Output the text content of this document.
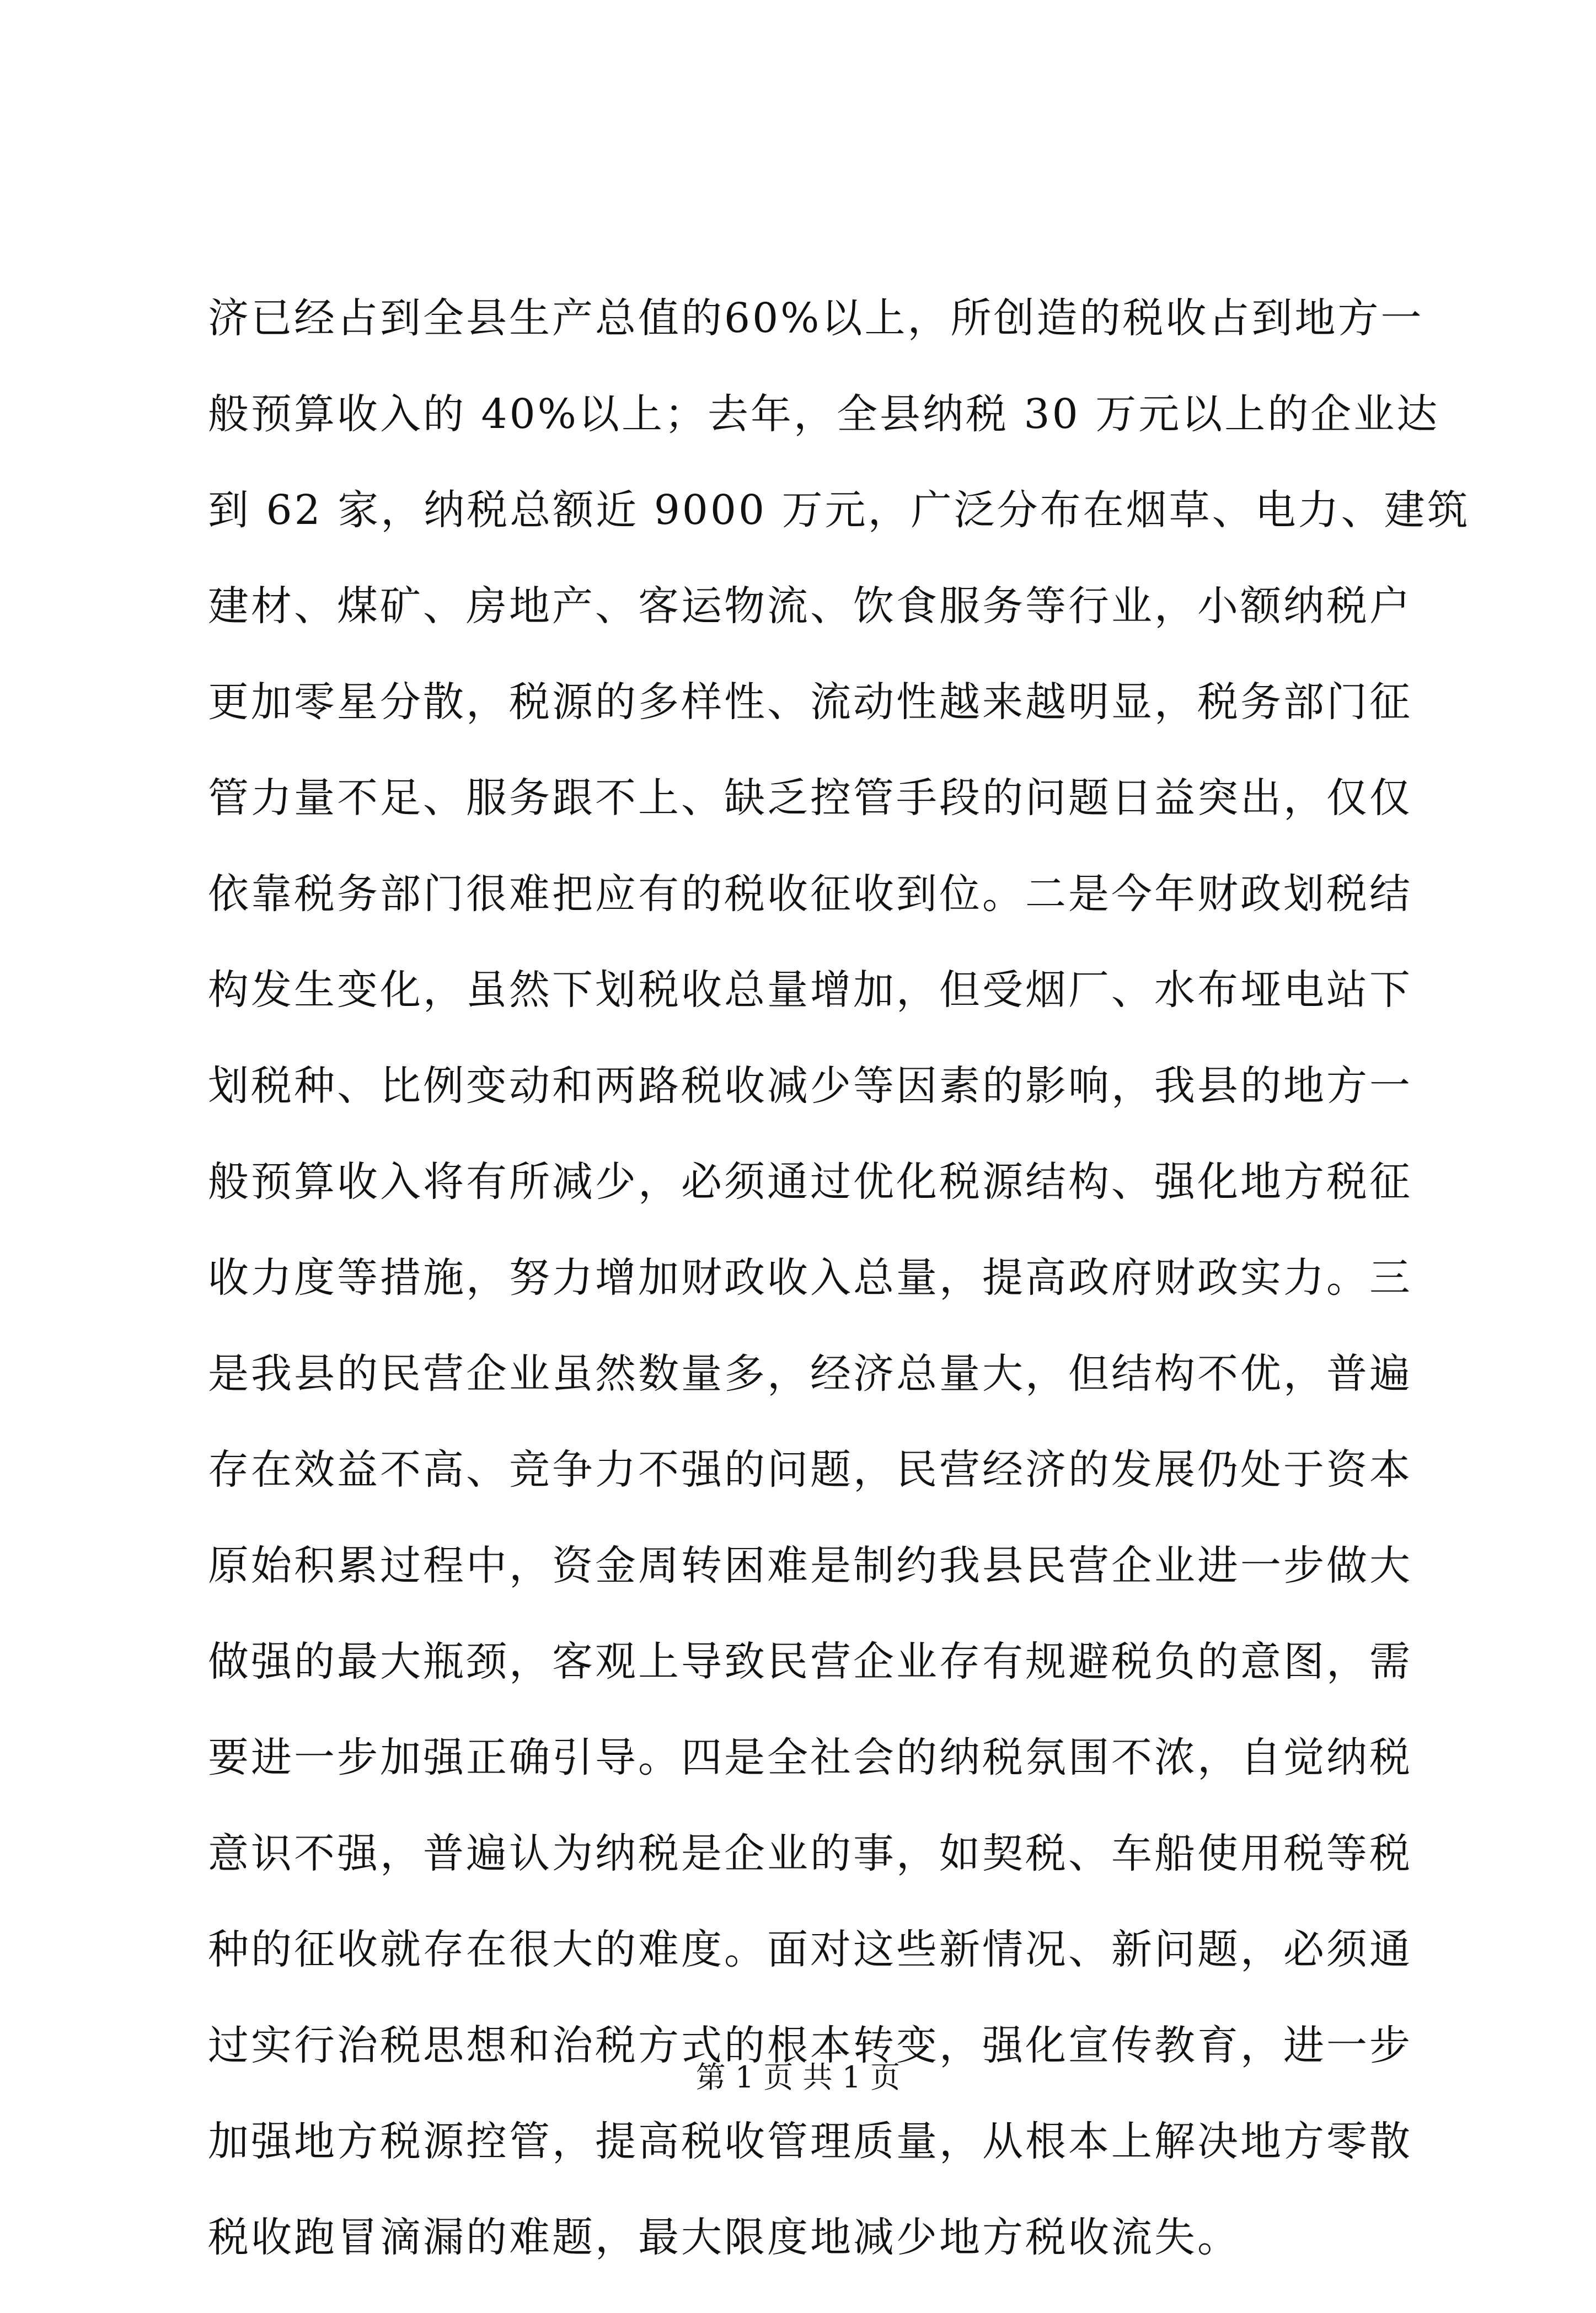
济已经占到全县生产总值的60%以上，所创造的税收占到地方一
般预算收入的 40%以上；去年，全县纳税 30 万元以上的企业达
到 62 家，纳税总额近 9000 万元，广泛分布在烟草、电力、建筑
建材、煤矿、房地产、客运物流、饮食服务等行业，小额纳税户
更加零星分散，税源的多样性、流动性越来越明显，税务部门征
管力量不足、服务跟不上、缺乏控管手段的问题日益突出，仅仅
依靠税务部门很难把应有的税收征收到位。二是今年财政划税结
构发生变化，虽然下划税收总量增加，但受烟厂、水布垭电站下
划税种、比例变动和两路税收减少等因素的影响，我县的地方一
般预算收入将有所减少，必须通过优化税源结构、强化地方税征
收力度等措施，努力增加财政收入总量，提高政府财政实力。三
是我县的民营企业虽然数量多，经济总量大，但结构不优，普遍
存在效益不高、竞争力不强的问题，民营经济的发展仍处于资本
原始积累过程中，资金周转困难是制约我县民营企业进一步做大
做强的最大瓶颈，客观上导致民营企业存有规避税负的意图，需
要进一步加强正确引导。四是全社会的纳税氛围不浓，自觉纳税
意识不强，普遍认为纳税是企业的事，如契税、车船使用税等税
种的征收就存在很大的难度。面对这些新情况、新问题，必须通
过实行治税思想和治税方式的根本转变，强化宣传教育，进一步
加强地方税源控管，提高税收管理质量，从根本上解决地方零散
税收跑冒滴漏的难题，最大限度地减少地方税收流失。
第 1 页 共 1 页
